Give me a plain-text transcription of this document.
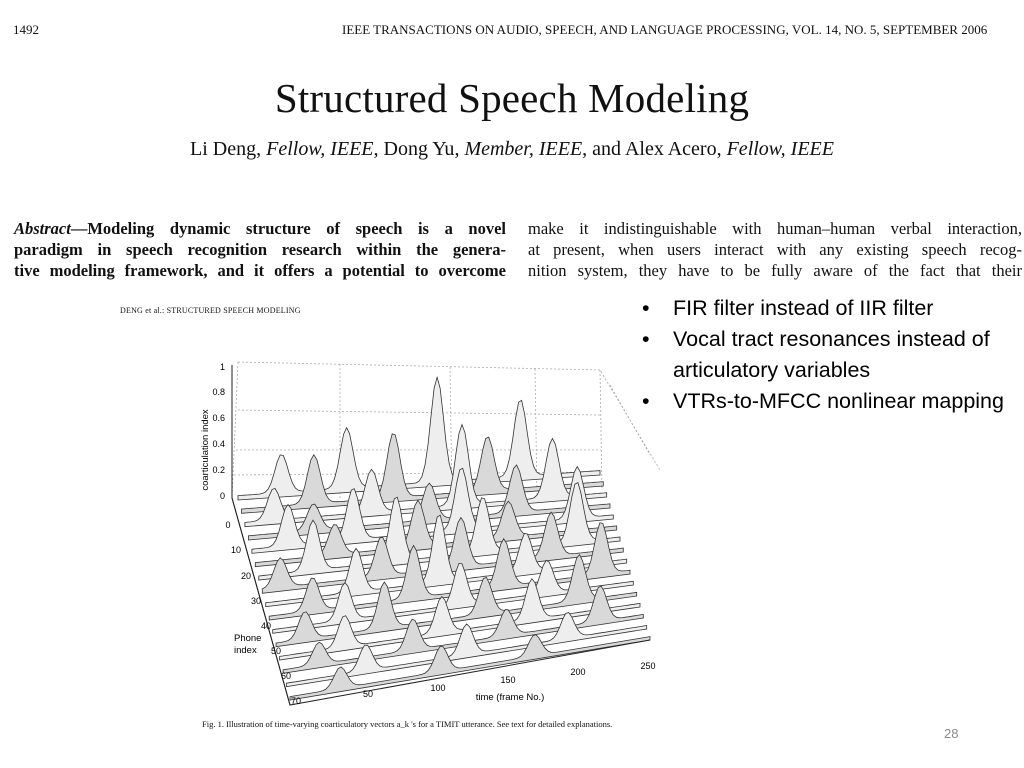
1492	IEEE TRANSACTIONS ON AUDIO, SPEECH, AND LANGUAGE PROCESSING, VOL. 14, NO. 5, SEPTEMBER 2006
Structured Speech Modeling
Li Deng, Fellow, IEEE, Dong Yu, Member, IEEE, and Alex Acero, Fellow, IEEE
Abstract—Modeling dynamic structure of speech is a novel
paradigm in speech recognition research within the genera-
tive modeling framework, and it offers a potential to overcome
make it indistinguishable with human–human verbal interaction,
at present, when users interact with any existing speech recog-
nition system, they have to be fully aware of the fact that their
DENG et al.: STRUCTURED SPEECH MODELING
1
0.8
0.6
0.4
0.2
0
coarticulation index
0
10
20
30
40
50
60
70
Phone
index
50
100
150
200
250
time (frame No.)
Fig. 1. Illustration of time-varying coarticulatory vectors a_k 's for a TIMIT utterance. See text for detailed explanations.
• FIR filter instead of IIR filter
• Vocal tract resonances instead of articulatory variables
• VTRs-to-MFCC nonlinear mapping
28
